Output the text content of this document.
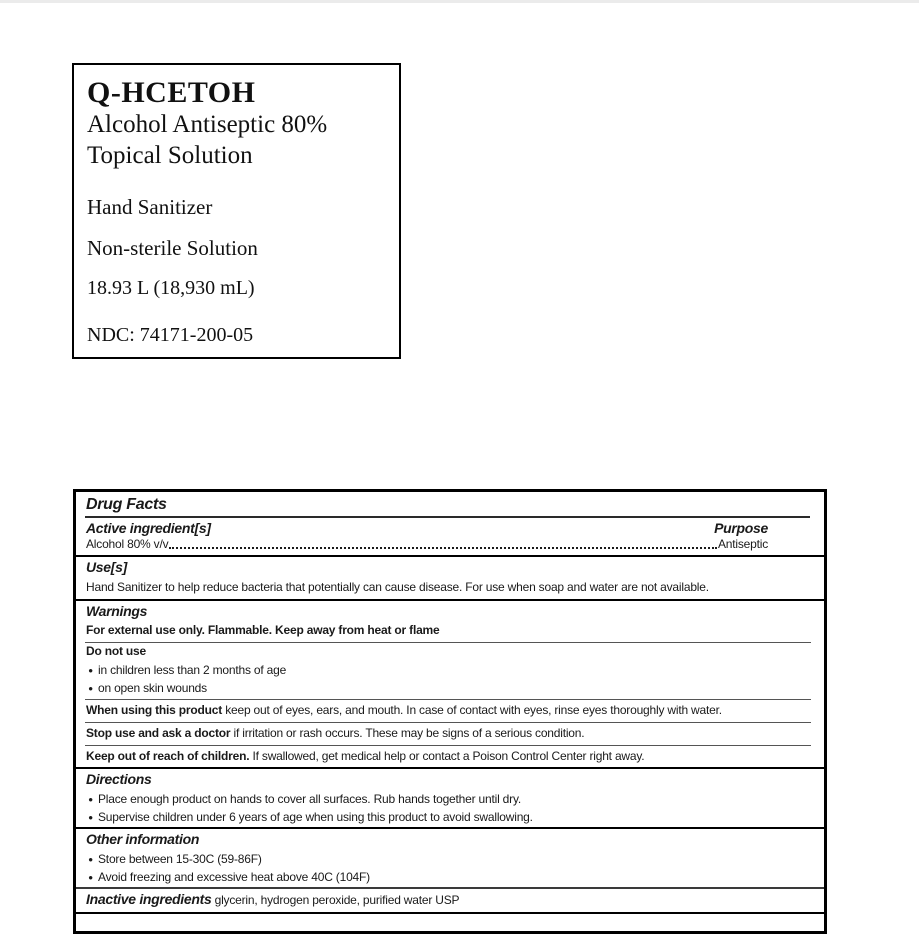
Q-HCETOH
Alcohol Antiseptic 80%
Topical Solution
Hand Sanitizer
Non-sterile Solution
18.93 L (18,930 mL)
NDC: 74171-200-05
Drug Facts
Active ingredient[s]	Purpose
Alcohol 80% v/v	Antiseptic
Use[s]
Hand Sanitizer to help reduce bacteria that potentially can cause disease. For use when soap and water are not available.
Warnings
For external use only. Flammable. Keep away from heat or flame
Do not use
• in children less than 2 months of age
• on open skin wounds
When using this product keep out of eyes, ears, and mouth. In case of contact with eyes, rinse eyes thoroughly with water.
Stop use and ask a doctor if irritation or rash occurs. These may be signs of a serious condition.
Keep out of reach of children. If swallowed, get medical help or contact a Poison Control Center right away.
Directions
• Place enough product on hands to cover all surfaces. Rub hands together until dry.
• Supervise children under 6 years of age when using this product to avoid swallowing.
Other information
• Store between 15-30C (59-86F)
• Avoid freezing and excessive heat above 40C (104F)
Inactive ingredients glycerin, hydrogen peroxide, purified water USP
